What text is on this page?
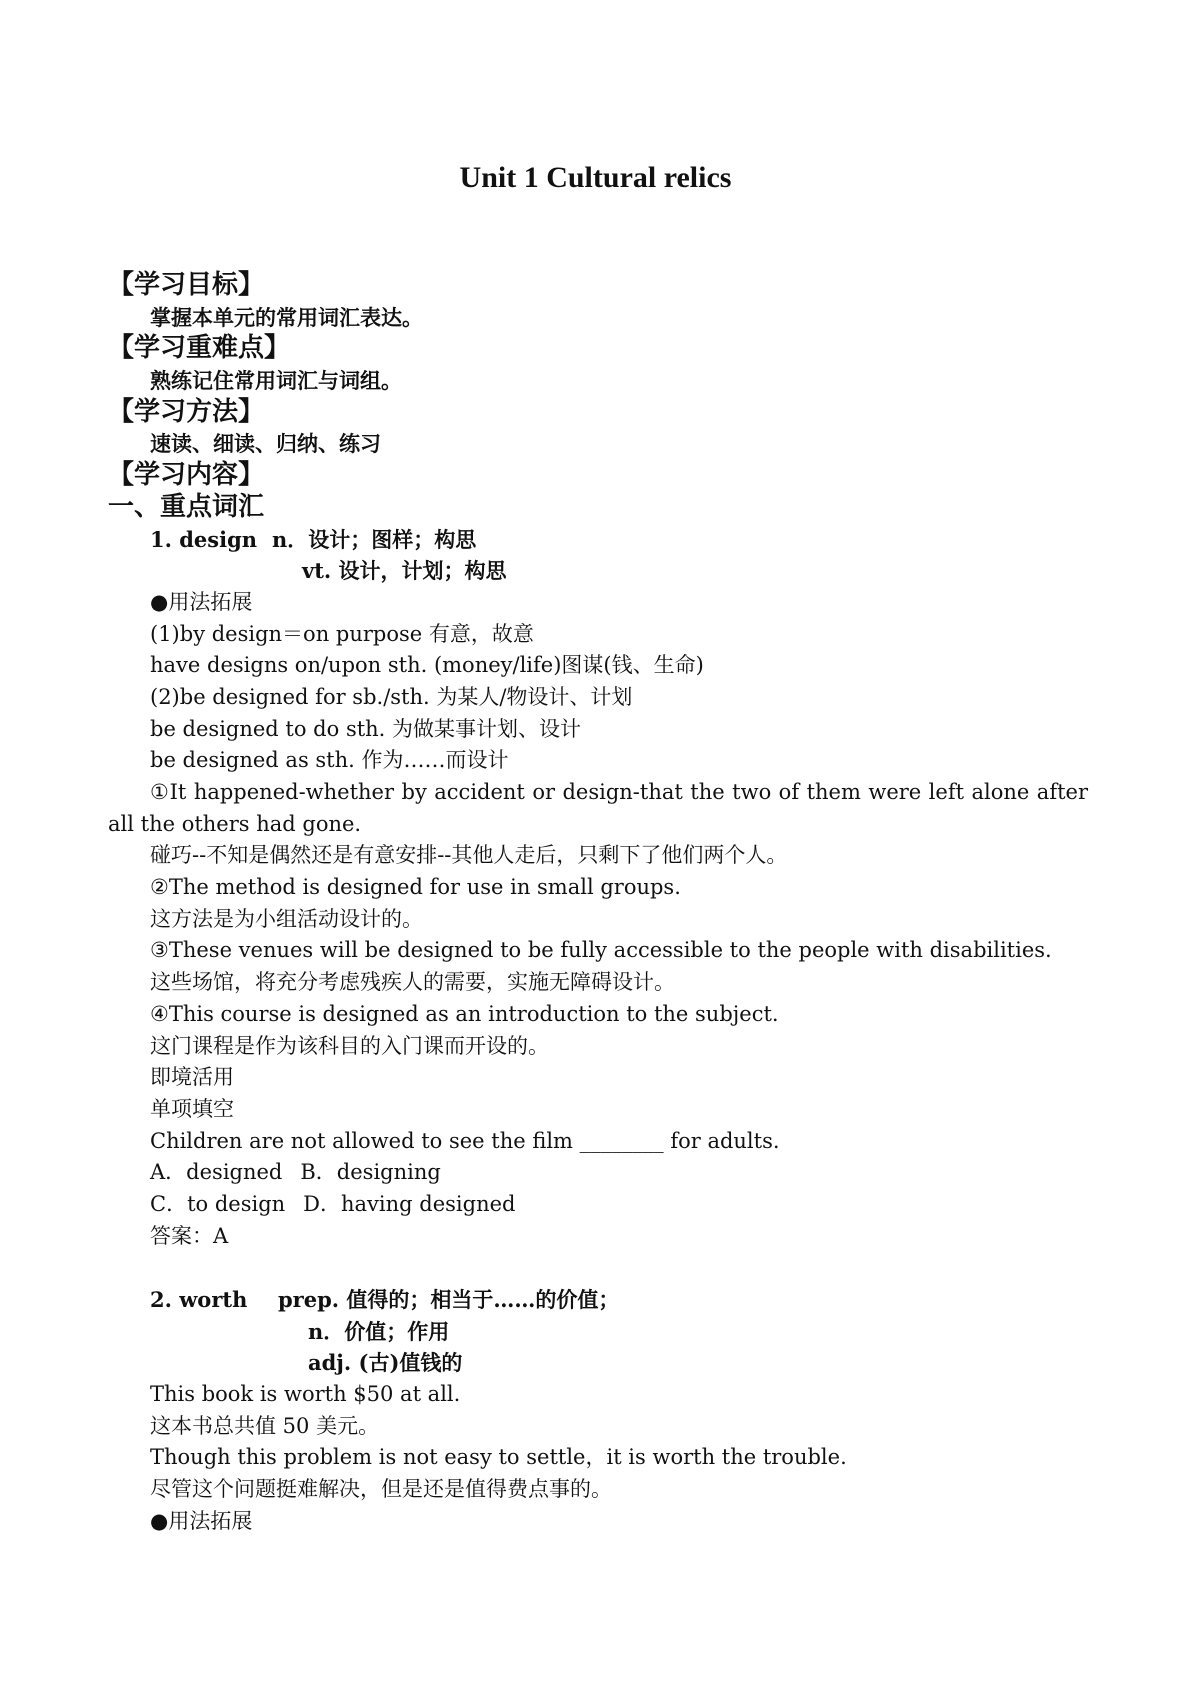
Unit 1 Cultural relics
【学习目标】
掌握本单元的常用词汇表达。
【学习重难点】
熟练记住常用词汇与词组。
【学习方法】
速读、细读、归纳、练习
【学习内容】
一、重点词汇
1. design n．设计；图样；构思
vt. 设计，计划；构思
●用法拓展
(1)by design＝on purpose 有意，故意
have designs on/upon sth. (money/life)图谋(钱、生命)
(2)be designed for sb./sth. 为某人/物设计、计划
be designed to do sth. 为做某事计划、设计
be designed as sth. 作为……而设计
①It happened-whether by accident or design-that the two of them were left alone after all the others had gone.
碰巧--不知是偶然还是有意安排--其他人走后，只剩下了他们两个人。
②The method is designed for use in small groups.
这方法是为小组活动设计的。
③These venues will be designed to be fully accessible to the people with disabilities.
这些场馆，将充分考虑残疾人的需要，实施无障碍设计。
④This course is designed as an introduction to the subject.
这门课程是作为该科目的入门课而开设的。
即境活用
单项填空
Children are not allowed to see the film ________ for adults.
A．designed B．designing
C．to design D．having designed
答案：A
2. worth prep. 值得的；相当于……的价值；
n．价值；作用
adj. (古)值钱的
This book is worth $50 at all.
这本书总共值 50 美元。
Though this problem is not easy to settle，it is worth the trouble.
尽管这个问题挺难解决，但是还是值得费点事的。
●用法拓展
